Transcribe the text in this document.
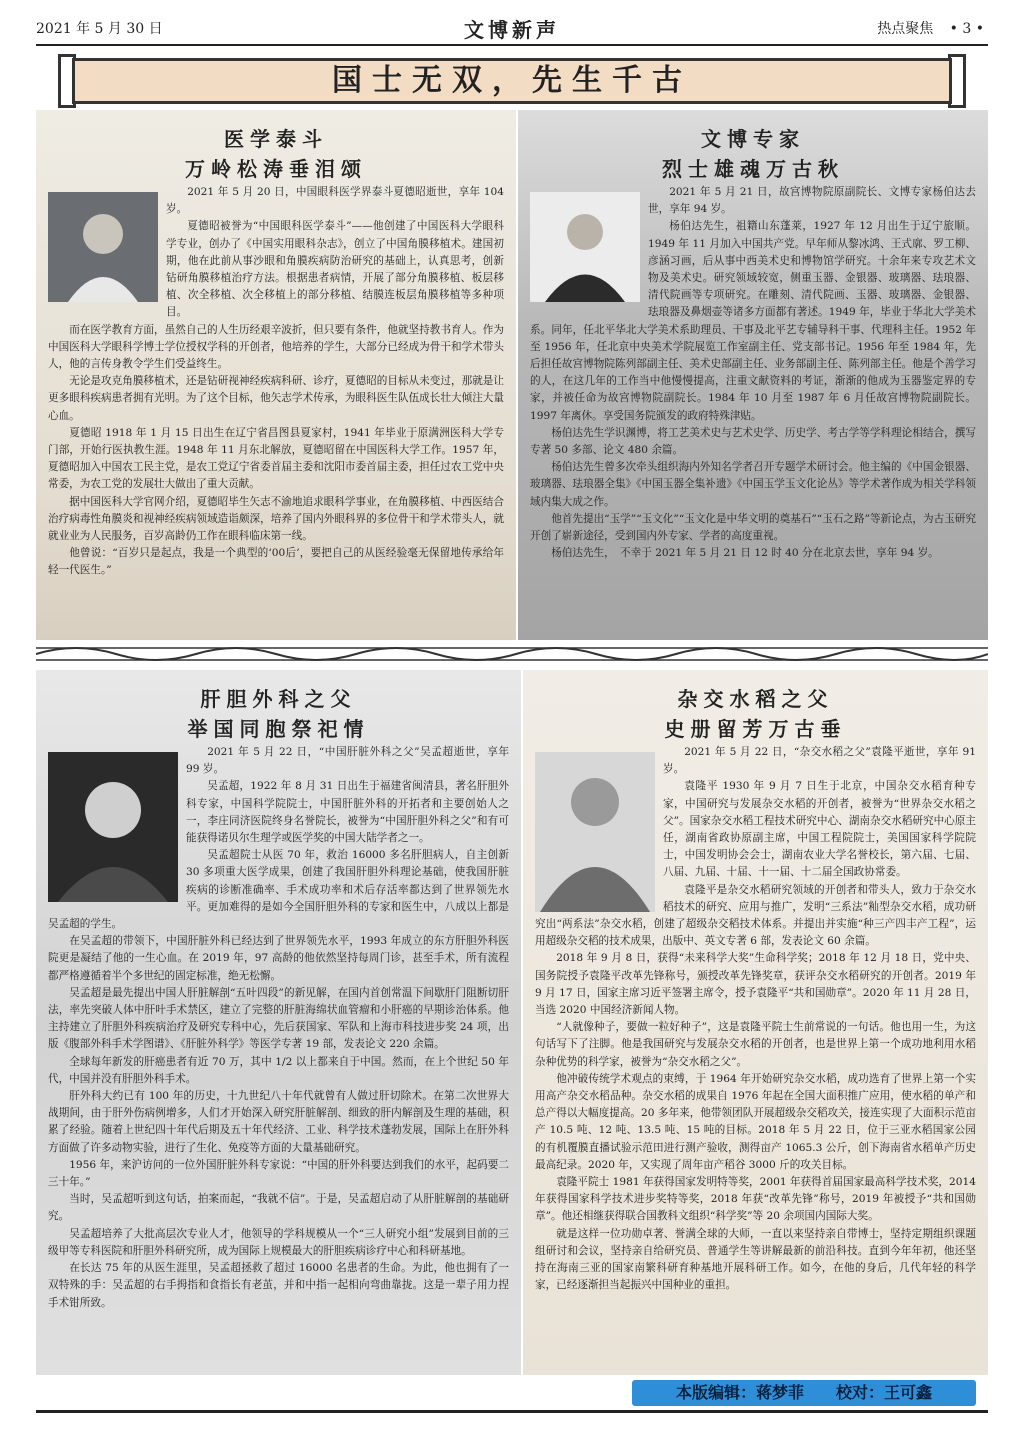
2021 年 5 月 30 日	文博新声	热点聚焦 • 3 •
国士无双，先生千古
医学泰斗
万岭松涛垂泪颂

2021 年 5 月 20 日，中国眼科医学界泰斗夏德昭逝世，享年 104 岁。

夏德昭被誉为“中国眼科医学泰斗”——他创建了中国医科大学眼科学专业，创办了《中国实用眼科杂志》，创立了中国角膜移植术。建国初期，他在此前从事沙眼和角膜疾病防治研究的基础上，认真思考，创新钻研角膜移植治疗方法。根据患者病情，开展了部分角膜移植、板层移植、次全移植、次全移植上的部分移植、结膜连板层角膜移植等多种项目。

而在医学教育方面，虽然自己的人生历经艰辛波折，但只要有条件，他就坚持教书育人。作为中国医科大学眼科学博士学位授权学科的开创者，他培养的学生，大部分已经成为骨干和学术带头人，他的言传身教令学生们受益终生。

无论是攻克角膜移植术，还是钻研视神经疾病科研、诊疗，夏德昭的目标从未变过，那就是让更多眼科疾病患者拥有光明。为了这个目标，他矢志学术传承，为眼科医生队伍成长壮大倾注大量心血。

夏德昭 1918 年 1 月 15 日出生在辽宁省昌图县夏家村，1941 年毕业于原满洲医科大学专门部，开始行医执教生涯。1948 年 11 月东北解放，夏德昭留在中国医科大学工作。1957 年，夏德昭加入中国农工民主党，是农工党辽宁省委首届主委和沈阳市委首届主委，担任过农工党中央常委，为农工党的发展壮大做出了重大贡献。

据中国医科大学官网介绍，夏德昭毕生矢志不渝地追求眼科学事业，在角膜移植、中西医结合治疗病毒性角膜炎和视神经疾病领域造诣颇深，培养了国内外眼科界的多位骨干和学术带头人，就就业业为人民服务，百岁高龄仍工作在眼科临床第一线。

他曾说：“百岁只是起点，我是一个典型的‘00后’，要把自己的从医经验毫无保留地传承给年轻一代医生。”

文博专家
烈士雄魂万古秋

2021 年 5 月 21 日，故宫博物院原副院长、文博专家杨伯达去世，享年 94 岁。

杨伯达先生，祖籍山东蓬莱，1927 年 12 月出生于辽宁旅顺。1949 年 11 月加入中国共产党。早年师从黎冰鸿、王式廓、罗工柳、彦涵习画，后从事中西美术史和博物馆学研究。十余年来专攻艺术文物及美术史。研究领域较宽，侧重玉器、金银器、玻璃器、珐琅器、清代院画等专项研究。在雕刻、清代院画、玉器、玻璃器、金银器、珐琅器及鼻烟壶等诸多方面都有著述。1949 年，毕业于华北大学美术系。同年，任北平华北大学美术系助理员、干事及北平艺专辅导科干事、代理科主任。1952 年至 1956 年，任北京中央美术学院展览工作室副主任、党支部书记。1956 年至 1984 年，先后担任故宫博物院陈列部副主任、美术史部副主任、业务部副主任、陈列部主任。他是个善学习的人，在这几年的工作当中他慢慢提高，注重文献资料的考证，渐渐的他成为玉器鉴定界的专家，并被任命为故宫博物院副院长。1984 年 10 月至 1987 年 6 月任故宫博物院副院长。1997 年离休。享受国务院颁发的政府特殊津贴。

杨伯达先生学识渊博，将工艺美术史与艺术史学、历史学、考古学等学科理论相结合，撰写专著 50 多部、论文 480 余篇。

杨伯达先生曾多次牵头组织海内外知名学者召开专题学术研讨会。他主编的《中国金银器、玻璃器、珐琅器全集》《中国玉器全集补遗》《中国玉学玉文化论丛》等学术著作成为相关学科领域内集大成之作。

他首先提出“玉学”“玉文化”“玉文化是中华文明的奠基石”“玉石之路”等新论点，为古玉研究开创了崭新途径，受到国内外专家、学者的高度重视。

杨伯达先生，　不幸于 2021 年 5 月 21 日 12 时 40 分在北京去世，享年 94 岁。

肝胆外科之父
举国同胞祭祀情

2021 年 5 月 22 日，“中国肝脏外科之父”吴孟超逝世，享年 99 岁。

吴孟超，1922 年 8 月 31 日出生于福建省闽清县，著名肝胆外科专家，中国科学院院士，中国肝脏外科的开拓者和主要创始人之一，李庄同济医院终身名誉院长，被誉为“中国肝胆外科之父”和有可能获得诺贝尔生理学或医学奖的中国大陆学者之一。

吴孟超院士从医 70 年，救治 16000 多名肝胆病人，自主创新 30 多项重大医学成果，创建了我国肝胆外科理论基础，使我国肝脏疾病的诊断准确率、手术成功率和术后存活率都达到了世界领先水平。更加难得的是如今全国肝胆外科的专家和医生中，八成以上都是吴孟超的学生。

在吴孟超的带领下，中国肝脏外科已经达到了世界领先水平，1993 年成立的东方肝胆外科医院更是凝结了他的一生心血。在 2019 年，97 高龄的他依然坚持每周门诊，甚至手术，所有流程都严格遵循着半个多世纪的固定标准，绝无松懈。

吴孟超是最先提出中国人肝脏解剖“五叶四段”的新见解，在国内首创常温下间歇肝门阻断切肝法，率先突破人体中肝叶手术禁区，建立了完整的肝脏海绵状血管瘤和小肝癌的早期诊治体系。他主持建立了肝胆外科疾病治疗及研究专科中心，先后获国家、军队和上海市科技进步奖 24 项，出版《腹部外科手术学图谱》、《肝脏外科学》等医学专著 19 部，发表论文 220 余篇。

全球每年新发的肝癌患者有近 70 万，其中 1/2 以上都来自于中国。然而，在上个世纪 50 年代，中国并没有肝胆外科手术。

肝外科大约已有 100 年的历史，十九世纪八十年代就曾有人做过肝切除术。在第二次世界大战期间，由于肝外伤病例增多，人们才开始深入研究肝脏解剖、细致的肝内解剖及生理的基础，积累了经验。随着上世纪四十年代后期及五十年代经济、工业、科学技术蓬勃发展，国际上在肝外科方面做了许多动物实验，进行了生化、免疫等方面的大量基础研究。

1956 年，来沪访问的一位外国肝脏外科专家说：“中国的肝外科要达到我们的水平，起码要二三十年。”

当时，吴孟超听到这句话，拍案而起，“我就不信”。于是，吴孟超启动了从肝脏解剖的基础研究。

吴孟超培养了大批高层次专业人才，他领导的学科规模从一个“三人研究小组”发展到目前的三级甲等专科医院和肝胆外科研究所，成为国际上规模最大的肝胆疾病诊疗中心和科研基地。

在长达 75 年的从医生涯里，吴孟超拯救了超过 16000 名患者的生命。为此，他也拥有了一双特殊的手：吴孟超的右手拇指和食指长有老茧，并和中指一起相向弯曲靠拢。这是一辈子用力捏手术钳所致。

杂交水稻之父
史册留芳万古垂

2021 年 5 月 22 日，“杂交水稻之父”袁隆平逝世，享年 91 岁。

袁隆平 1930 年 9 月 7 日生于北京，中国杂交水稻育种专家，中国研究与发展杂交水稻的开创者，被誉为“世界杂交水稻之父”。国家杂交水稻工程技术研究中心、湖南杂交水稻研究中心原主任，湖南省政协原副主席，中国工程院院士，美国国家科学院院士，中国发明协会会士，湖南农业大学名誉校长，第六届、七届、八届、九届、十届、十一届、十二届全国政协常委。

袁隆平是杂交水稻研究领域的开创者和带头人，致力于杂交水稻技术的研究、应用与推广，发明“三系法”籼型杂交水稻，成功研究出“两系法”杂交水稻，创建了超级杂交稻技术体系。并提出并实施“种三产四丰产工程”，运用超级杂交稻的技术成果，出版中、英文专著 6 部，发表论文 60 余篇。

2018 年 9 月 8 日，获得“未来科学大奖”生命科学奖；2018 年 12 月 18 日，党中央、国务院授予袁隆平改革先锋称号，颁授改革先锋奖章，获评杂交水稻研究的开创者。2019 年 9 月 17 日，国家主席习近平签署主席令，授予袁隆平“共和国勋章”。2020 年 11 月 28 日，当选 2020 中国经济新闻人物。

“人就像种子，要做一粒好种子”，这是袁隆平院士生前常说的一句话。他也用一生，为这句话写下了注脚。他是我国研究与发展杂交水稻的开创者，也是世界上第一个成功地利用水稻杂种优势的科学家，被誉为“杂交水稻之父”。

他冲破传统学术观点的束缚，于 1964 年开始研究杂交水稻，成功选育了世界上第一个实用高产杂交水稻品种。杂交水稻的成果自 1976 年起在全国大面积推广应用，使水稻的单产和总产得以大幅度提高。20 多年来，他带领团队开展超级杂交稻攻关，接连实现了大面积示范亩产 10.5 吨、12 吨、13.5 吨、15 吨的目标。2018 年 5 月 22 日，位于三亚水稻国家公园的有机覆膜直播试验示范田进行测产验收，测得亩产 1065.3 公斤，创下海南省水稻单产历史最高纪录。2020 年，又实现了周年亩产稻谷 3000 斤的攻关目标。

袁隆平院士 1981 年获得国家发明特等奖，2001 年获得首届国家最高科学技术奖，2014 年获得国家科学技术进步奖特等奖，2018 年获“改革先锋”称号，2019 年被授予“共和国勋章”。他还相继获得联合国教科文组织“科学奖”等 20 余项国内国际大奖。

就是这样一位功勋卓著、誉满全球的大师，一直以来坚持亲自带博士，坚持定期组织课题组研讨和会议，坚持亲自给研究员、普通学生等讲解最新的前沿科技。直到今年年初，他还坚持在海南三亚的国家南繁科研育种基地开展科研工作。如今，在他的身后，几代年轻的科学家，已经逐渐担当起振兴中国种业的重担。

本版编辑：蒋梦菲　　校对：王可鑫
